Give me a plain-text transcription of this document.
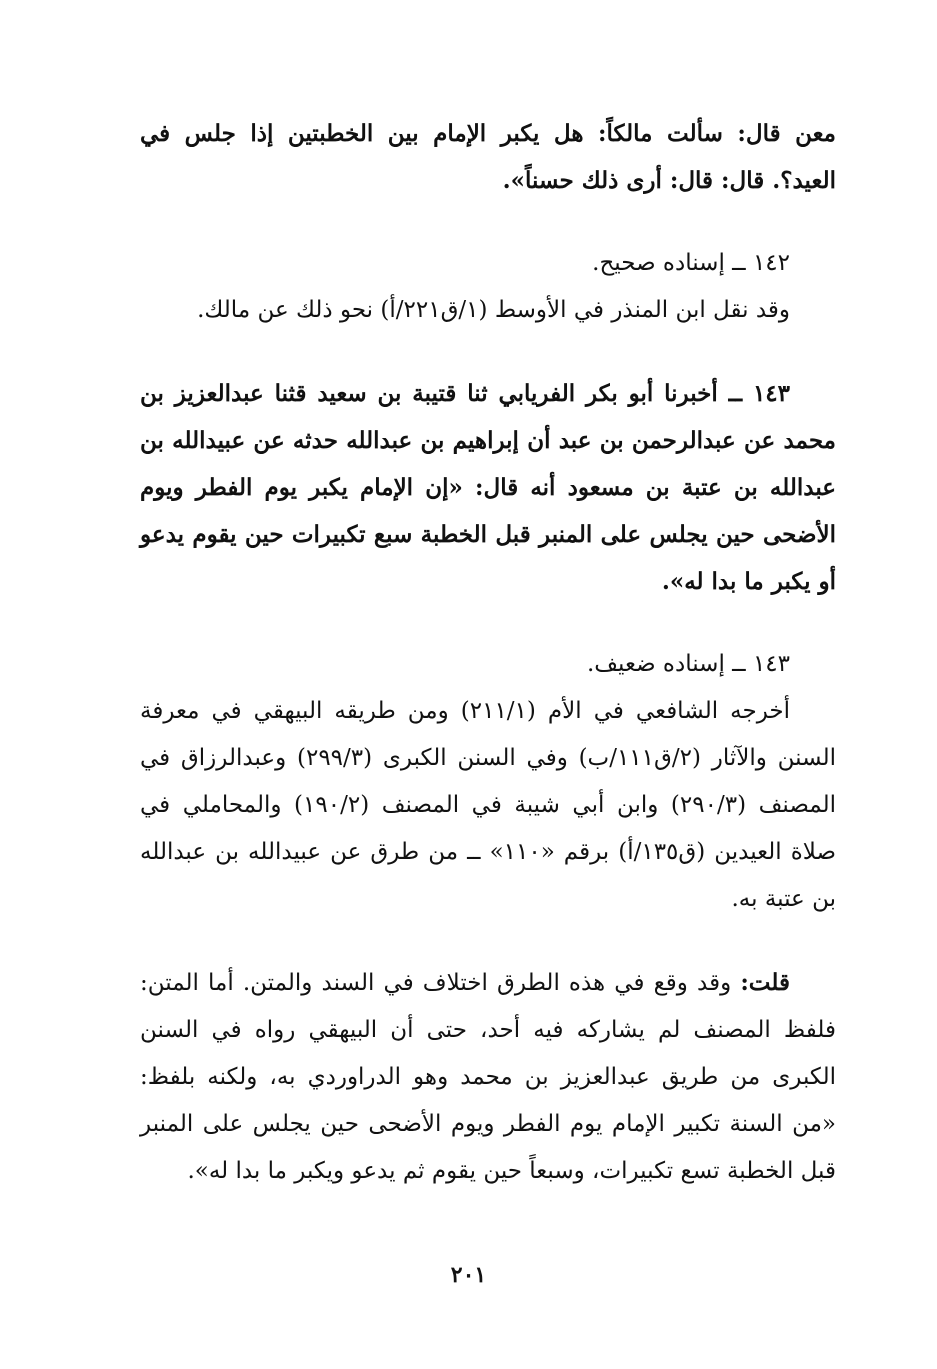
معن قال: سألت مالكاً: هل يكبر الإمام بين الخطبتين إذا جلس في العيد؟. قال: قال: أرى ذلك حسناً».

١٤٢ ــ إسناده صحيح.

وقد نقل ابن المنذر في الأوسط (١/ق٢٢١/أ) نحو ذلك عن مالك.

١٤٣ ــ أخبرنا أبو بكر الفريابي ثنا قتيبة بن سعيد قثنا عبدالعزيز بن محمد عن عبدالرحمن بن عبد أن إبراهيم بن عبدالله حدثه عن عبيدالله بن عبدالله بن عتبة بن مسعود أنه قال: «إن الإمام يكبر يوم الفطر ويوم الأضحى حين يجلس على المنبر قبل الخطبة سبع تكبيرات حين يقوم يدعو أو يكبر ما بدا له».

١٤٣ ــ إسناده ضعيف.

أخرجه الشافعي في الأم (٢١١/١) ومن طريقه البيهقي في معرفة السنن والآثار (٢/ق١١١/ب) وفي السنن الكبرى (٢٩٩/٣) وعبدالرزاق في المصنف (٢٩٠/٣) وابن أبي شيبة في المصنف (١٩٠/٢) والمحاملي في صلاة العيدين (ق١٣٥/أ) برقم «١١٠» ــ من طرق عن عبيدالله بن عبدالله بن عتبة به.

قلت: وقد وقع في هذه الطرق اختلاف في السند والمتن. أما المتن: فلفظ المصنف لم يشاركه فيه أحد، حتى أن البيهقي رواه في السنن الكبرى من طريق عبدالعزيز بن محمد وهو الدراوردي به، ولكنه بلفظ: «من السنة تكبير الإمام يوم الفطر ويوم الأضحى حين يجلس على المنبر قبل الخطبة تسع تكبيرات، وسبعاً حين يقوم ثم يدعو ويكبر ما بدا له».

٢٠١
